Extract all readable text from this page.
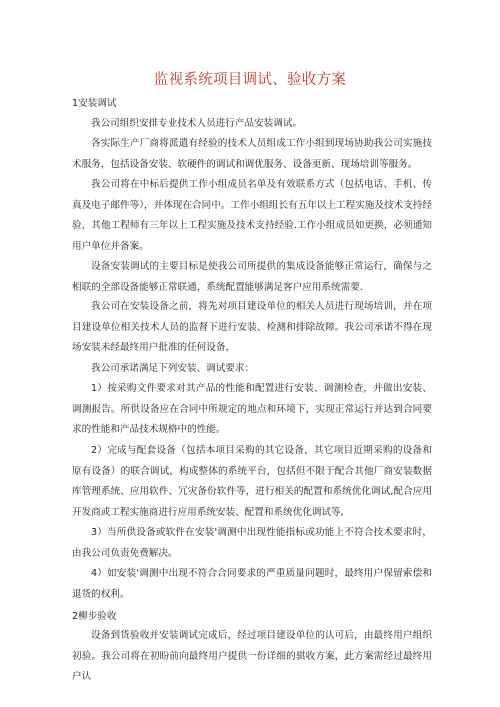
监视系统项目调试、验收方案
1安装调试

我公司组织安排专业技术人员进行产品安装调试。

各实际生产厂商将派遣有经验的技术人员组成工作小组到现场协助我公司实施技术服务，包括设备安装、软硬件的调试和调优服务、设备更新、现场培训等服务。

我公司将在中标后提供工作小组成员名单及有效联系方式（包括电话、手机、传真及电子邮件等），并体现在合同中。工作小组组长有五年以上工程实施及技术支持经验，其他工程师有三年以上工程实施及技术支持经验.工作小组成员如更换，必须通知用户单位并备案。

设备安装调试的主要目标是使我公司所提供的集成设备能够正常运行，确保与之相联的全部设备能够正常联通，系统配置能够满足客户应用系统需要.

我公司在安装设备之前，将先对项目建设单位的相关人员进行现场培训，并在项目建设单位相关技术人员的监督下进行安装、检测和排除故障。我公司承诺不得在现场安装未经最终用户批准的任何设备，

我公司承诺满足下列安装、调试要求：

1）按采购文件要求对其产品的性能和配置进行安装、调测检查，并做出安装、调测报告。所供设备应在合同中所规定的地点和环境下，实现正常运行并达到合同要求的性能和产品技术规格中的性能。

2）完成与配套设备（包括本项目采购的其它设备，其它项目近期采购的设备和原有设备）的联合调试，构成整体的系统平台，包括但不限于配合其他厂商安装数据库管理系统、应用软件、冗灾备份软件等，进行相关的配置和系统优化调试,配合应用开发商或工程实施商进行应用系统安装、配置和系统优化调试等,

3）当所供设备或软件在安装'调测中出现性能指标或功能上不符合技术要求时，由我公司负责免费解决。

4）如安装'调测中出现不符合合同要求的严重质量问题时，最终用户保留索偿和退货的权利。

2柳步验收

设备到货验收并安装调试完成后，经过项目建设单位的认可后，由最终用户组织初验。我公司将在初盼前向最终用户提供一份详细的骐收方案，此方案需经过最终用户认
